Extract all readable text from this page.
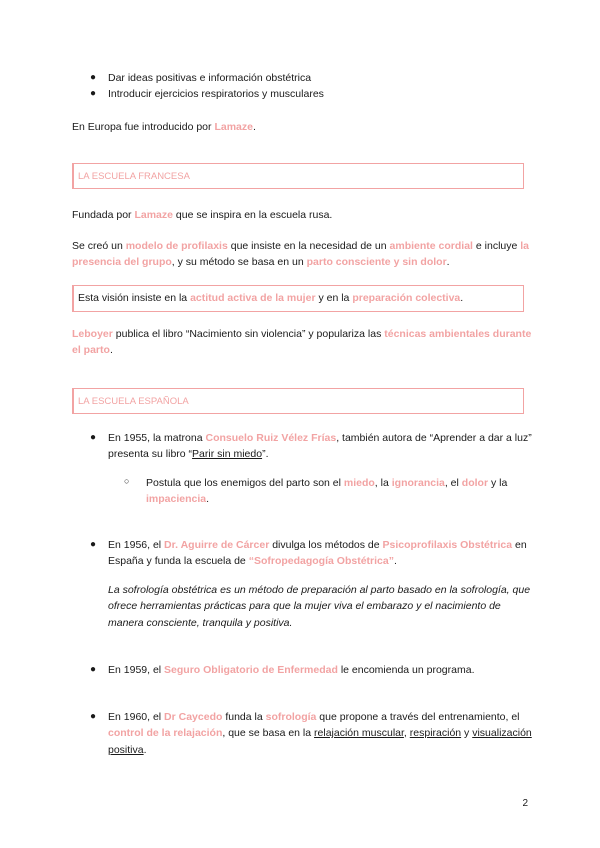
● Dar ideas positivas e información obstétrica
● Introducir ejercicios respiratorios y musculares

En Europa fue introducido por Lamaze.

LA ESCUELA FRANCESA

Fundada por Lamaze que se inspira en la escuela rusa.

Se creó un modelo de profilaxis que insiste en la necesidad de un ambiente cordial e incluye la presencia del grupo, y su método se basa en un parto consciente y sin dolor.

Esta visión insiste en la actitud activa de la mujer y en la preparación colectiva.

Leboyer publica el libro “Nacimiento sin violencia” y populariza las técnicas ambientales durante el parto.

LA ESCUELA ESPAÑOLA
● En 1955, la matrona Consuelo Ruiz Vélez Frías, también autora de “Aprender a dar a luz” presenta su libro “Parir sin miedo”.
○ Postula que los enemigos del parto son el miedo, la ignorancia, el dolor y la impaciencia.
● En 1956, el Dr. Aguirre de Cárcer divulga los métodos de Psicoprofilaxis Obstétrica en España y funda la escuela de “Sofropedagogía Obstétrica”.

La sofrología obstétrica es un método de preparación al parto basado en la sofrología, que ofrece herramientas prácticas para que la mujer viva el embarazo y el nacimiento de manera consciente, tranquila y positiva.

● En 1959, el Seguro Obligatorio de Enfermedad le encomienda un programa.
● En 1960, el Dr Caycedo funda la sofrología que propone a través del entrenamiento, el control de la relajación, que se basa en la relajación muscular, respiración y visualización positiva.
2
